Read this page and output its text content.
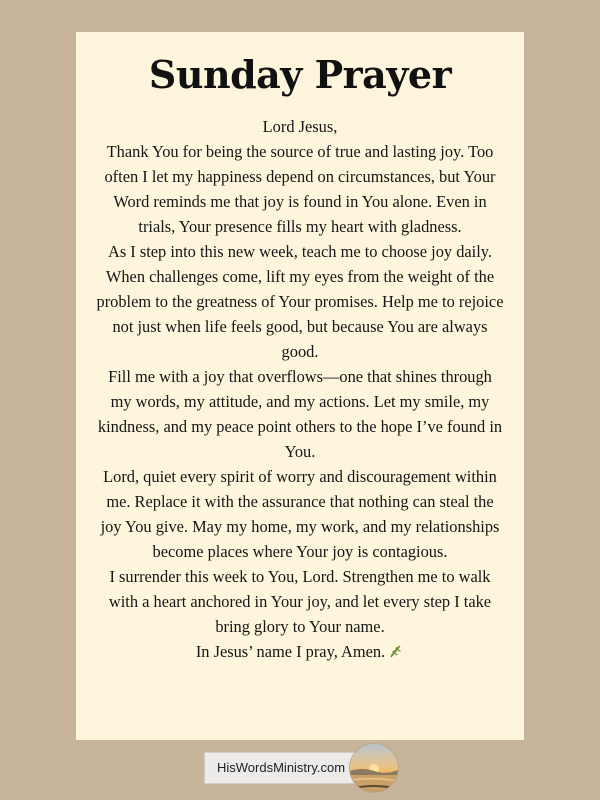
Sunday Prayer

Lord Jesus,

Thank You for being the source of true and lasting joy. Too often I let my happiness depend on circumstances, but Your Word reminds me that joy is found in You alone. Even in trials, Your presence fills my heart with gladness.

As I step into this new week, teach me to choose joy daily. When challenges come, lift my eyes from the weight of the problem to the greatness of Your promises. Help me to rejoice not just when life feels good, but because You are always good.

Fill me with a joy that overflows—one that shines through my words, my attitude, and my actions. Let my smile, my kindness, and my peace point others to the hope I’ve found in You.

Lord, quiet every spirit of worry and discouragement within me. Replace it with the assurance that nothing can steal the joy You give. May my home, my work, and my relationships become places where Your joy is contagious.

I surrender this week to You, Lord. Strengthen me to walk with a heart anchored in Your joy, and let every step I take bring glory to Your name.

In Jesus’ name I pray, Amen.

HisWordsMinistry.com
